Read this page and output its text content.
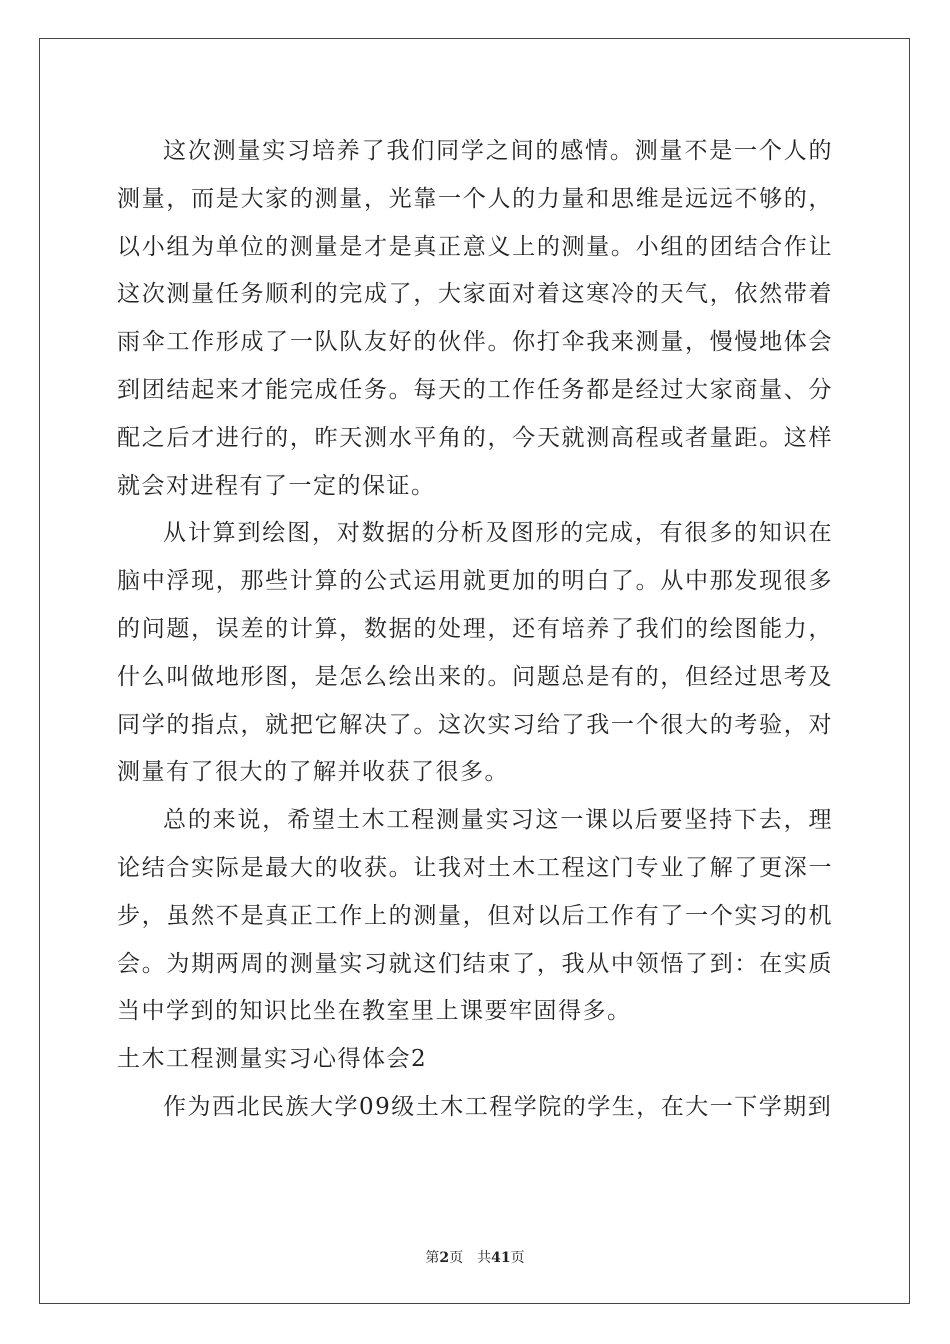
这次测量实习培养了我们同学之间的感情。测量不是一个人的测量，而是大家的测量，光靠一个人的力量和思维是远远不够的，以小组为单位的测量是才是真正意义上的测量。小组的团结合作让这次测量任务顺利的完成了，大家面对着这寒冷的天气，依然带着雨伞工作形成了一队队友好的伙伴。你打伞我来测量，慢慢地体会到团结起来才能完成任务。每天的工作任务都是经过大家商量、分配之后才进行的，昨天测水平角的，今天就测高程或者量距。这样就会对进程有了一定的保证。

从计算到绘图，对数据的分析及图形的完成，有很多的知识在脑中浮现，那些计算的公式运用就更加的明白了。从中那发现很多的问题，误差的计算，数据的处理，还有培养了我们的绘图能力，什么叫做地形图，是怎么绘出来的。问题总是有的，但经过思考及同学的指点，就把它解决了。这次实习给了我一个很大的考验，对测量有了很大的了解并收获了很多。

总的来说，希望土木工程测量实习这一课以后要坚持下去，理论结合实际是最大的收获。让我对土木工程这门专业了解了更深一步，虽然不是真正工作上的测量，但对以后工作有了一个实习的机会。为期两周的测量实习就这们结束了，我从中领悟了到：在实质当中学到的知识比坐在教室里上课要牢固得多。

土木工程测量实习心得体会2

作为西北民族大学09级土木工程学院的学生，在大一下学期到

第2页　共41页
